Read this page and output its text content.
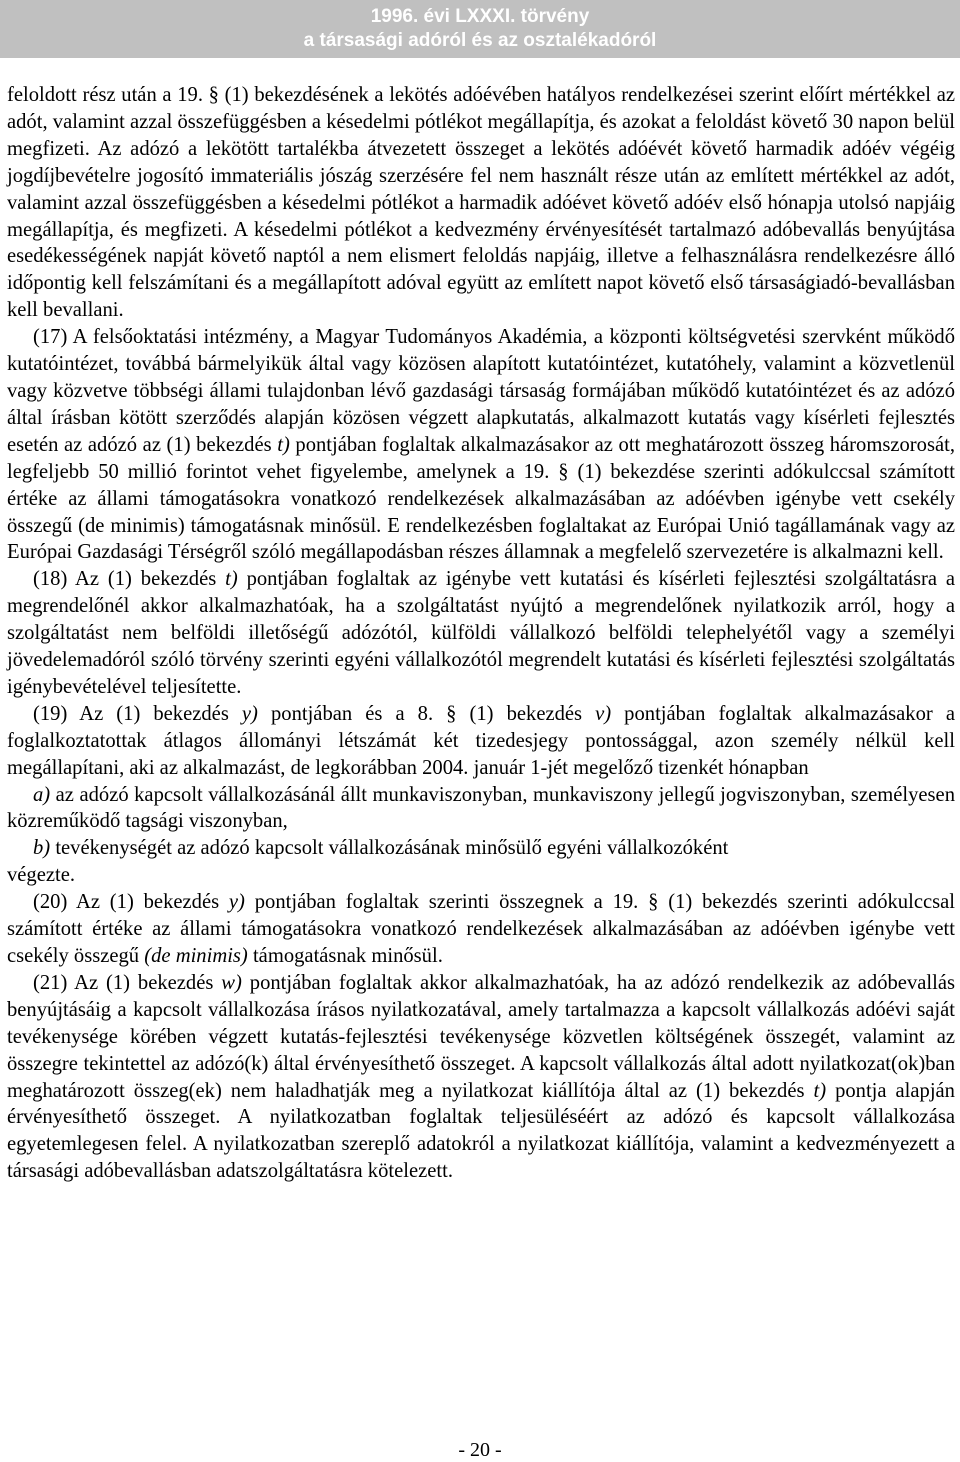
1996. évi LXXXI. törvény
a társasági adóról és az osztalékadóról

feloldott rész után a 19. § (1) bekezdésének a lekötés adóévében hatályos rendelkezései szerint előírt mértékkel az adót, valamint azzal összefüggésben a késedelmi pótlékot megállapítja, és azokat a feloldást követő 30 napon belül megfizeti. Az adózó a lekötött tartalékba átvezetett összeget a lekötés adóévét követő harmadik adóév végéig jogdíjbevételre jogosító immateriális jószág szerzésére fel nem használt része után az említett mértékkel az adót, valamint azzal összefüggésben a késedelmi pótlékot a harmadik adóévet követő adóév első hónapja utolsó napjáig megállapítja, és megfizeti. A késedelmi pótlékot a kedvezmény érvényesítését tartalmazó adóbevallás benyújtása esedékességének napját követő naptól a nem elismert feloldás napjáig, illetve a felhasználásra rendelkezésre álló időpontig kell felszámítani és a megállapított adóval együtt az említett napot követő első társaságiadó-bevallásban kell bevallani.

(17) A felsőoktatási intézmény, a Magyar Tudományos Akadémia, a központi költségvetési szervként működő kutatóintézet, továbbá bármelyikük által vagy közösen alapított kutatóintézet, kutatóhely, valamint a közvetlenül vagy közvetve többségi állami tulajdonban lévő gazdasági társaság formájában működő kutatóintézet és az adózó által írásban kötött szerződés alapján közösen végzett alapkutatás, alkalmazott kutatás vagy kísérleti fejlesztés esetén az adózó az (1) bekezdés t) pontjában foglaltak alkalmazásakor az ott meghatározott összeg háromszorosát, legfeljebb 50 millió forintot vehet figyelembe, amelynek a 19. § (1) bekezdése szerinti adókulccsal számított értéke az állami támogatásokra vonatkozó rendelkezések alkalmazásában az adóévben igénybe vett csekély összegű (de minimis) támogatásnak minősül. E rendelkezésben foglaltakat az Európai Unió tagállamának vagy az Európai Gazdasági Térségről szóló megállapodásban részes államnak a megfelelő szervezetére is alkalmazni kell.

(18) Az (1) bekezdés t) pontjában foglaltak az igénybe vett kutatási és kísérleti fejlesztési szolgáltatásra a megrendelőnél akkor alkalmazhatóak, ha a szolgáltatást nyújtó a megrendelőnek nyilatkozik arról, hogy a szolgáltatást nem belföldi illetőségű adózótól, külföldi vállalkozó belföldi telephelyétől vagy a személyi jövedelemadóról szóló törvény szerinti egyéni vállalkozótól megrendelt kutatási és kísérleti fejlesztési szolgáltatás igénybevételével teljesítette.

(19) Az (1) bekezdés y) pontjában és a 8. § (1) bekezdés v) pontjában foglaltak alkalmazásakor a foglalkoztatottak átlagos állományi létszámát két tizedesjegy pontossággal, azon személy nélkül kell megállapítani, aki az alkalmazást, de legkorábban 2004. január 1-jét megelőző tizenkét hónapban

a) az adózó kapcsolt vállalkozásánál állt munkaviszonyban, munkaviszony jellegű jogviszonyban, személyesen közreműködő tagsági viszonyban,

b) tevékenységét az adózó kapcsolt vállalkozásának minősülő egyéni vállalkozóként

végezte.

(20) Az (1) bekezdés y) pontjában foglaltak szerinti összegnek a 19. § (1) bekezdés szerinti adókulccsal számított értéke az állami támogatásokra vonatkozó rendelkezések alkalmazásában az adóévben igénybe vett csekély összegű (de minimis) támogatásnak minősül.

(21) Az (1) bekezdés w) pontjában foglaltak akkor alkalmazhatóak, ha az adózó rendelkezik az adóbevallás benyújtásáig a kapcsolt vállalkozása írásos nyilatkozatával, amely tartalmazza a kapcsolt vállalkozás adóévi saját tevékenysége körében végzett kutatás-fejlesztési tevékenysége közvetlen költségének összegét, valamint az összegre tekintettel az adózó(k) által érvényesíthető összeget. A kapcsolt vállalkozás által adott nyilatkozat(ok)ban meghatározott összeg(ek) nem haladhatják meg a nyilatkozat kiállítója által az (1) bekezdés t) pontja alapján érvényesíthető összeget. A nyilatkozatban foglaltak teljesüléséért az adózó és kapcsolt vállalkozása egyetemlegesen felel. A nyilatkozatban szereplő adatokról a nyilatkozat kiállítója, valamint a kedvezményezett a társasági adóbevallásban adatszolgáltatásra kötelezett.

- 20 -
